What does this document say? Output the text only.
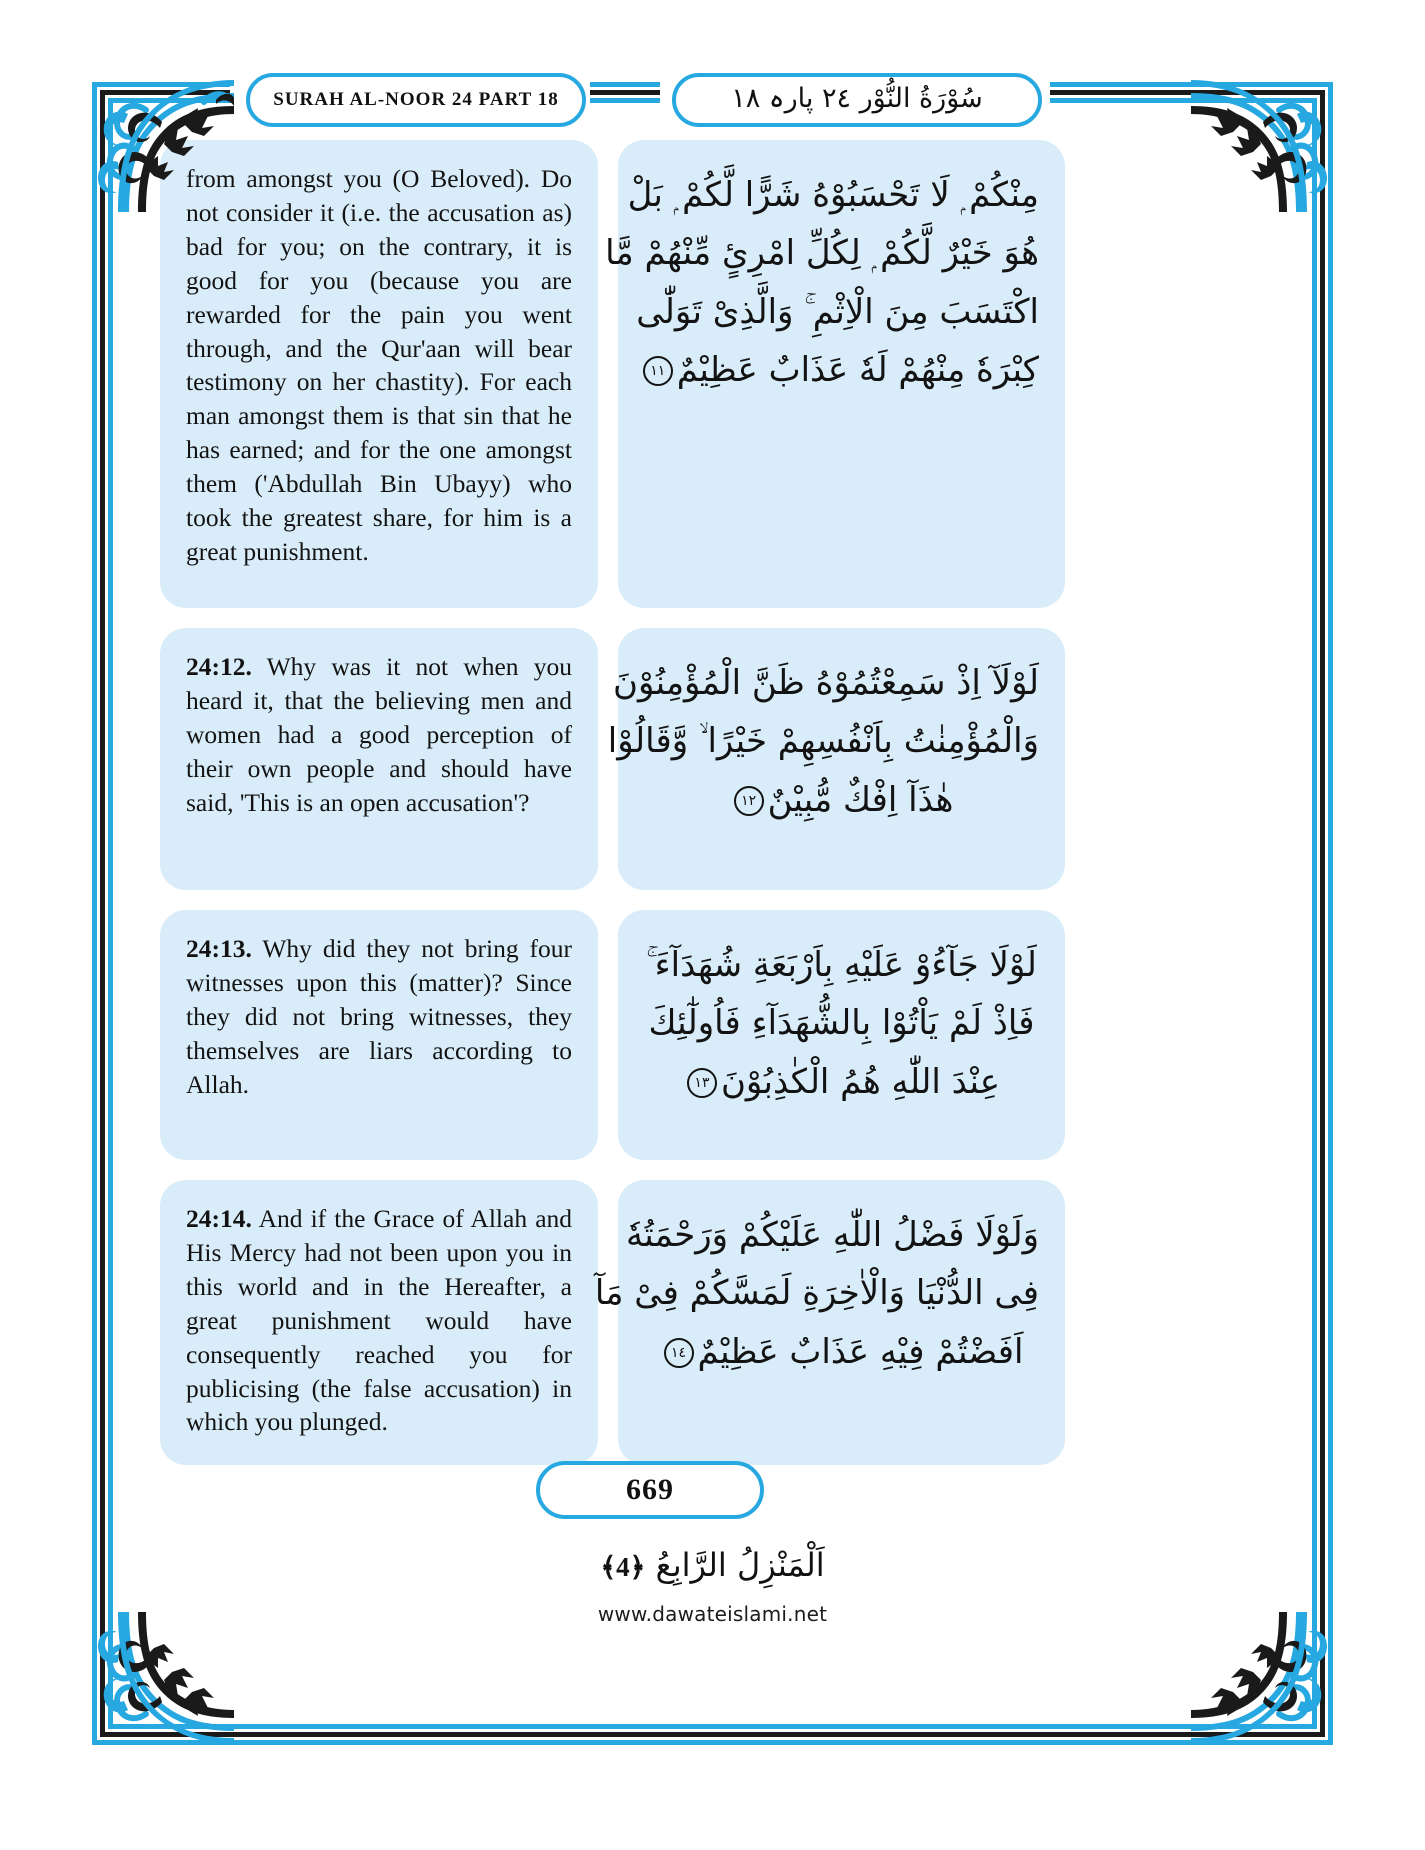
SURAH AL-NOOR 24 PART 18	سُوْرَةُ النُّوْر ٢٤ پارہ ١٨
from amongst you (O Beloved). Do not consider it (i.e. the accusation as) bad for you; on the contrary, it is good for you (because you are rewarded for the pain you went through, and the Qur'aan will bear testimony on her chastity). For each man amongst them is that sin that he has earned; and for the one amongst them ('Abdullah Bin Ubayy) who took the greatest share, for him is a great punishment.
مِنْكُمْ ۭ لَا تَحْسَبُوْهُ شَرًّا لَّكُمْ ۭ بَلْ
هُوَ خَيْرٌ لَّكُمْ ۭ لِكُلِّ امْرِئٍ مِّنْهُمْ مَّا
اكْتَسَبَ مِنَ الْاِثْمِ ۚ وَالَّذِىْ تَوَلّٰى
كِبْرَهٗ مِنْهُمْ لَهٗ عَذَابٌ عَظِيْمٌ١١
24:12. Why was it not when you heard it, that the believing men and women had a good perception of their own people and should have said, 'This is an open accusation'?
لَوْلَآ اِذْ سَمِعْتُمُوْهُ ظَنَّ الْمُؤْمِنُوْنَ
وَالْمُؤْمِنٰتُ بِاَنْفُسِهِمْ خَيْرًا ۙ وَّقَالُوْا
هٰذَآ اِفْكٌ مُّبِيْنٌ١٢
24:13. Why did they not bring four witnesses upon this (matter)? Since they did not bring witnesses, they themselves are liars according to Allah.
لَوْلَا جَآءُوْ عَلَيْهِ بِاَرْبَعَةِ شُهَدَآءَ ۚ
فَاِذْ لَمْ يَاْتُوْا بِالشُّهَدَآءِ فَاُولٰٓئِكَ
عِنْدَ اللّٰهِ هُمُ الْكٰذِبُوْنَ١٣
24:14. And if the Grace of Allah and His Mercy had not been upon you in this world and in the Hereafter, a great punishment would have consequently reached you for publicising (the false accusation) in which you plunged.
وَلَوْلَا فَضْلُ اللّٰهِ عَلَيْكُمْ وَرَحْمَتُهٗ
فِى الدُّنْيَا وَالْاٰخِرَةِ لَمَسَّكُمْ فِىْ مَآ
اَفَضْتُمْ فِيْهِ عَذَابٌ عَظِيْمٌ١٤
669
اَلْمَنْزِلُ الرَّابِعُ ﴿4﴾
www.dawateislami.net
